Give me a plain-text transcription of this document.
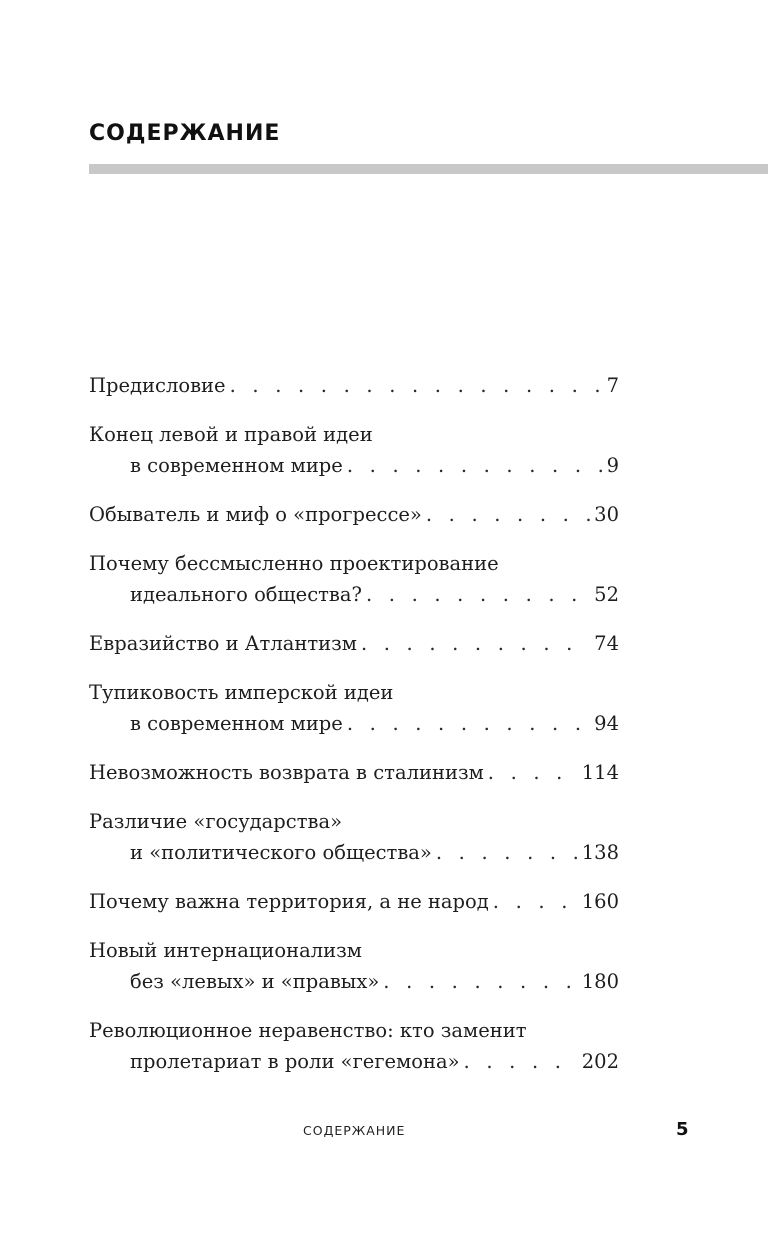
СОДЕРЖАНИЕ
Предисловие . . .	7
Конец левой и правой идеи
в современном мире . . .	9
Обыватель и миф о «прогрессе» . . .	30
Почему бессмысленно проектирование
идеального общества? . . .	52
Евразийство и Атлантизм . . .	74
Тупиковость имперской идеи
в современном мире . . .	94
Невозможность возврата в сталинизм . . .	114
Различие «государства»
и «политического общества» . . .	138
Почему важна территория, а не народ . . .	160
Новый интернационализм
без «левых» и «правых» . . .	180
Революционное неравенство: кто заменит
пролетариат в роли «гегемона» . . .	202
СОДЕРЖАНИЕ	5
